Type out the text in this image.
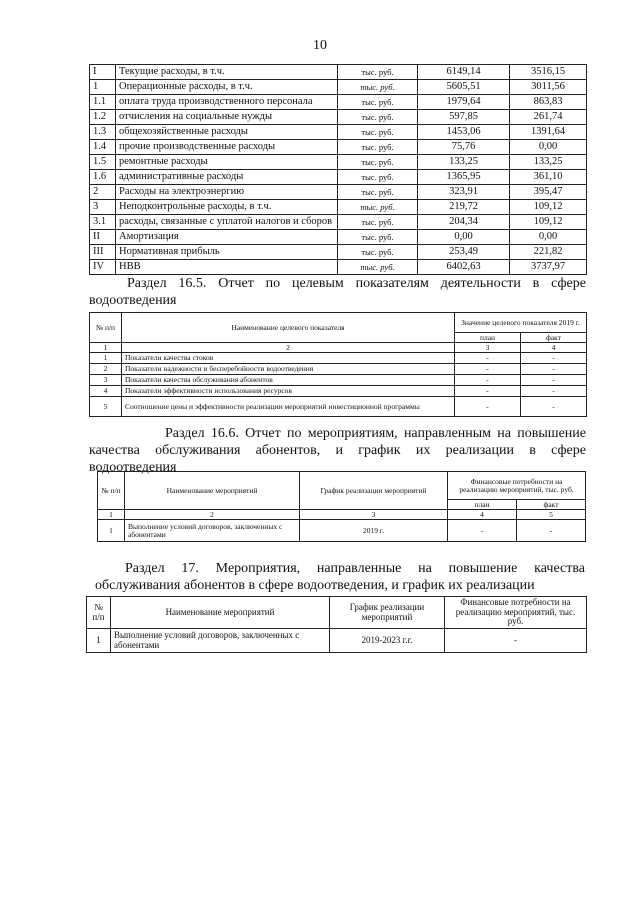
10
I	Текущие расходы, в т.ч.	тыс. руб.	6149,14	3516,15
1	Операционные расходы, в т.ч.	тыс. руб.	5605,51	3011,56
1.1	оплата труда производственного персонала	тыс. руб.	1979,64	863,83
1.2	отчисления на социальные нужды	тыс. руб.	597,85	261,74
1.3	общехозяйственные расходы	тыс. руб.	1453,06	1391,64
1.4	прочие производственные расходы	тыс. руб.	75,76	0,00
1.5	ремонтные расходы	тыс. руб.	133,25	133,25
1.6	административные расходы	тыс. руб.	1365,95	361,10
2	Расходы на электроэнергию	тыс. руб.	323,91	395,47
3	Неподконтрольные расходы, в т.ч.	тыс. руб.	219,72	109,12
3.1	расходы, связанные с уплатой налогов и сборов	тыс. руб.	204,34	109,12
II	Амортизация	тыс. руб.	0,00	0,00
III	Нормативная прибыль	тыс. руб.	253,49	221,82
IV	НВВ	тыс. руб.	6402,63	3737,97
Раздел 16.5. Отчет по целевым показателям деятельности в сфере
водоотведения
№ п/п	Наименование целевого показателя	Значение целевого показателя 2019 г.	
		план	факт
1	2	3	4
1	Показатели качества стоков	-	-
2	Показатели надежности и бесперебойности водоотведения	-	-
3	Показатели качества обслуживания абонентов	-	-
4	Показатели эффективности использования ресурсов	-	-
5	Соотношение цены и эффективности реализации мероприятий инвестиционной программы	-	-
Раздел 16.6. Отчет по мероприятиям, направленным на повышение
качества обслуживания абонентов, и график их реализации в сфере
водоотведения
№ п/п	Наименование мероприятий	График реализации мероприятий	Финансовые потребности на реализацию мероприятий, тыс. руб.	
			план	факт
1	2	3	4	5
1	Выполнение условий договоров, заключенных с абонентами	2019 г.	-	-
Раздел 17. Мероприятия, направленные на повышение качества
обслуживания абонентов в сфере водоотведения, и график их реализации
№ п/п	Наименование мероприятий	График реализации мероприятий	Финансовые потребности на реализацию мероприятий, тыс. руб.
1	Выполнение условий договоров, заключенных с абонентами	2019-2023 г.г.	-
